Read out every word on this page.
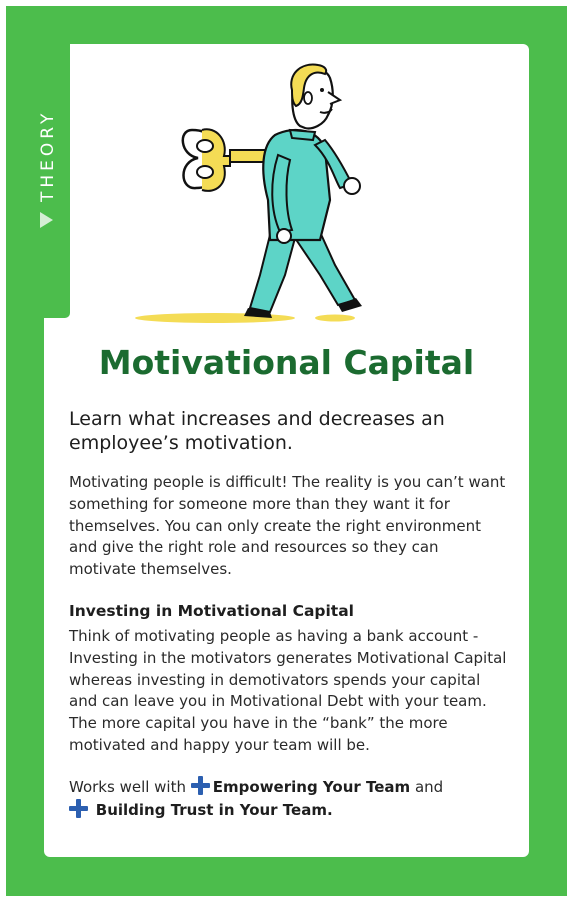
THEORY
Motivational Capital
Learn what increases and decreases an employee’s motivation.
Motivating people is difficult! The reality is you can’t want something for someone more than they want it for themselves. You can only create the right environment and give the right role and resources so they can motivate themselves.
Investing in Motivational Capital
Think of motivating people as having a bank account - Investing in the motivators generates Motivational Capital whereas investing in demotivators spends your capital and can leave you in Motivational Debt with your team. The more capital you have in the “bank” the more motivated and happy your team will be.
Works well with Empowering Your Team and
Building Trust in Your Team.
